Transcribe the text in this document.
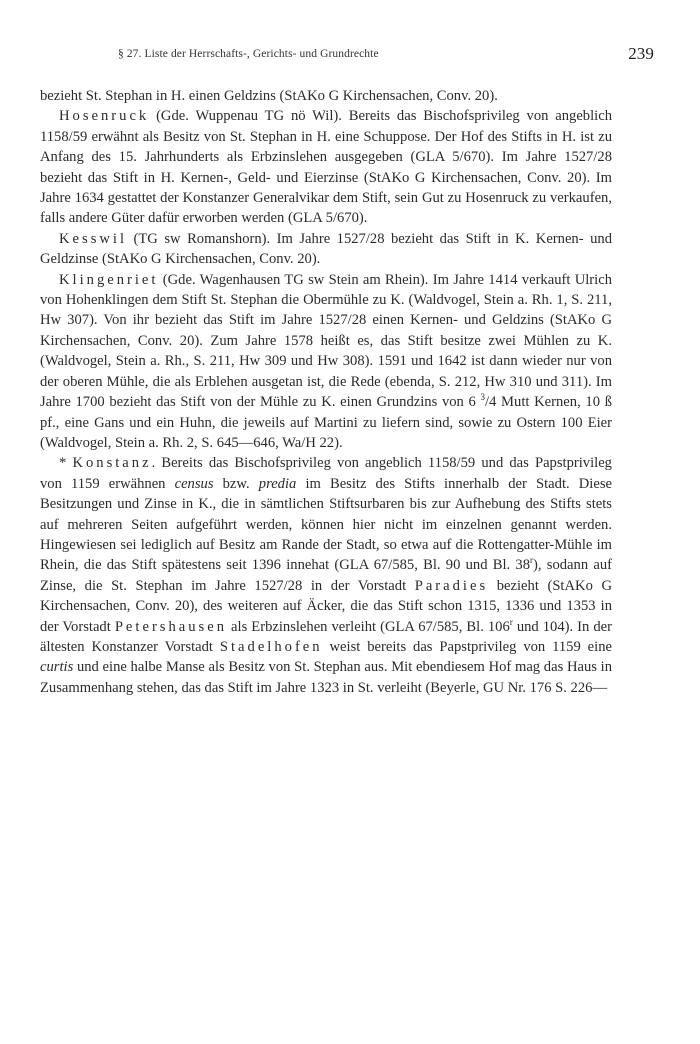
§ 27. Liste der Herrschafts-, Gerichts- und Grundrechte	239

bezieht St. Stephan in H. einen Geldzins (StAKo G Kirchensachen, Conv. 20).

Hosenruck (Gde. Wuppenau TG nö Wil). Bereits das Bischofsprivileg von angeblich 1158/59 erwähnt als Besitz von St. Stephan in H. eine Schuppose. Der Hof des Stifts in H. ist zu Anfang des 15. Jahrhunderts als Erbzinslehen ausgegeben (GLA 5/670). Im Jahre 1527/28 bezieht das Stift in H. Kernen-, Geld- und Eierzinse (StAKo G Kirchensachen, Conv. 20). Im Jahre 1634 gestattet der Konstanzer Generalvikar dem Stift, sein Gut zu Hosenruck zu verkaufen, falls andere Güter dafür erworben werden (GLA 5/670).

Kesswil (TG sw Romanshorn). Im Jahre 1527/28 bezieht das Stift in K. Kernen- und Geldzinse (StAKo G Kirchensachen, Conv. 20).

Klingenriet (Gde. Wagenhausen TG sw Stein am Rhein). Im Jahre 1414 verkauft Ulrich von Hohenklingen dem Stift St. Stephan die Obermühle zu K. (Waldvogel, Stein a. Rh. 1, S. 211, Hw 307). Von ihr bezieht das Stift im Jahre 1527/28 einen Kernen- und Geldzins (StAKo G Kirchensachen, Conv. 20). Zum Jahre 1578 heißt es, das Stift besitze zwei Mühlen zu K. (Waldvogel, Stein a. Rh., S. 211, Hw 309 und Hw 308). 1591 und 1642 ist dann wieder nur von der oberen Mühle, die als Erblehen ausgetan ist, die Rede (ebenda, S. 212, Hw 310 und 311). Im Jahre 1700 bezieht das Stift von der Mühle zu K. einen Grundzins von 6 $^3$/4 Mutt Kernen, 10 ß pf., eine Gans und ein Huhn, die jeweils auf Martini zu liefern sind, sowie zu Ostern 100 Eier (Waldvogel, Stein a. Rh. 2, S. 645—646, Wa/H 22).

* Konstanz. Bereits das Bischofsprivileg von angeblich 1158/59 und das Papstprivileg von 1159 erwähnen census bzw. predia im Besitz des Stifts innerhalb der Stadt. Diese Besitzungen und Zinse in K., die in sämtlichen Stiftsurbaren bis zur Aufhebung des Stifts stets auf mehreren Seiten aufgeführt werden, können hier nicht im einzelnen genannt werden. Hingewiesen sei lediglich auf Besitz am Rande der Stadt, so etwa auf die Rottengatter-Mühle im Rhein, die das Stift spätestens seit 1396 innehat (GLA 67/585, Bl. 90 und Bl. 38$^r$), sodann auf Zinse, die St. Stephan im Jahre 1527/28 in der Vorstadt Paradies bezieht (StAKo G Kirchensachen, Conv. 20), des weiteren auf Äcker, die das Stift schon 1315, 1336 und 1353 in der Vorstadt Petershausen als Erbzinslehen verleiht (GLA 67/585, Bl. 106$^r$ und 104). In der ältesten Konstanzer Vorstadt Stadelhofen weist bereits das Papstprivileg von 1159 eine curtis und eine halbe Manse als Besitz von St. Stephan aus. Mit ebendiesem Hof mag das Haus in Zusammenhang stehen, das das Stift im Jahre 1323 in St. verleiht (Beyerle, GU Nr. 176 S. 226—
